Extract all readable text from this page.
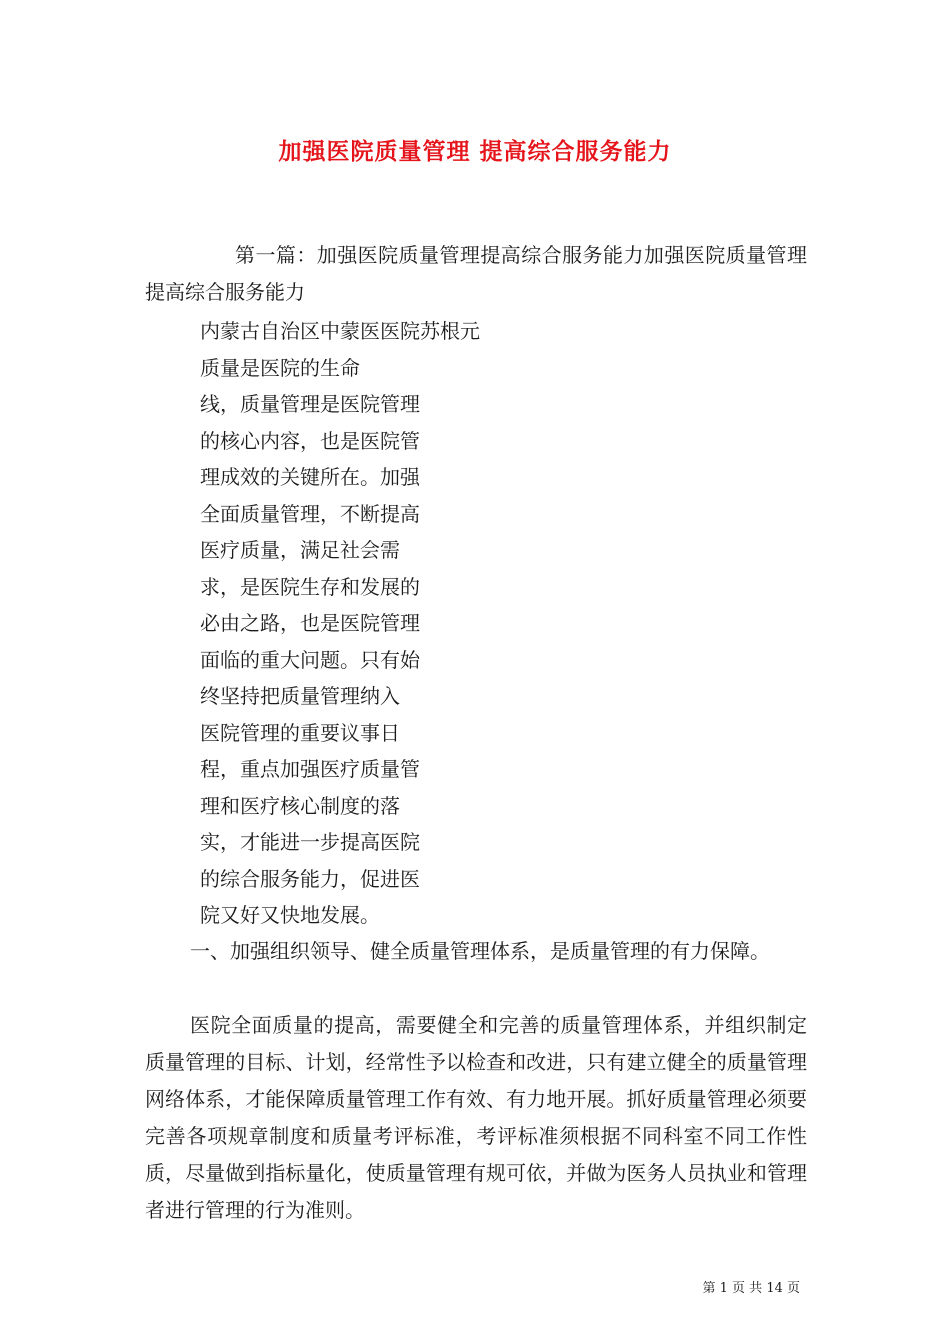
加强医院质量管理 提高综合服务能力
第一篇：加强医院质量管理提高综合服务能力加强医院质量管理提高综合服务能力
内蒙古自治区中蒙医医院苏根元
质量是医院的生命
线，质量管理是医院管理
的核心内容，也是医院管
理成效的关键所在。加强
全面质量管理，不断提高
医疗质量，满足社会需
求，是医院生存和发展的
必由之路，也是医院管理
面临的重大问题。只有始
终坚持把质量管理纳入
医院管理的重要议事日
程，重点加强医疗质量管
理和医疗核心制度的落
实，才能进一步提高医院
的综合服务能力，促进医
院又好又快地发展。
一、加强组织领导、健全质量管理体系，是质量管理的有力保障。
医院全面质量的提高，需要健全和完善的质量管理体系，并组织制定质量管理的目标、计划，经常性予以检查和改进，只有建立健全的质量管理网络体系，才能保障质量管理工作有效、有力地开展。抓好质量管理必须要完善各项规章制度和质量考评标准，考评标准须根据不同科室不同工作性质，尽量做到指标量化，使质量管理有规可依，并做为医务人员执业和管理者进行管理的行为准则。
第 1 页 共 14 页
